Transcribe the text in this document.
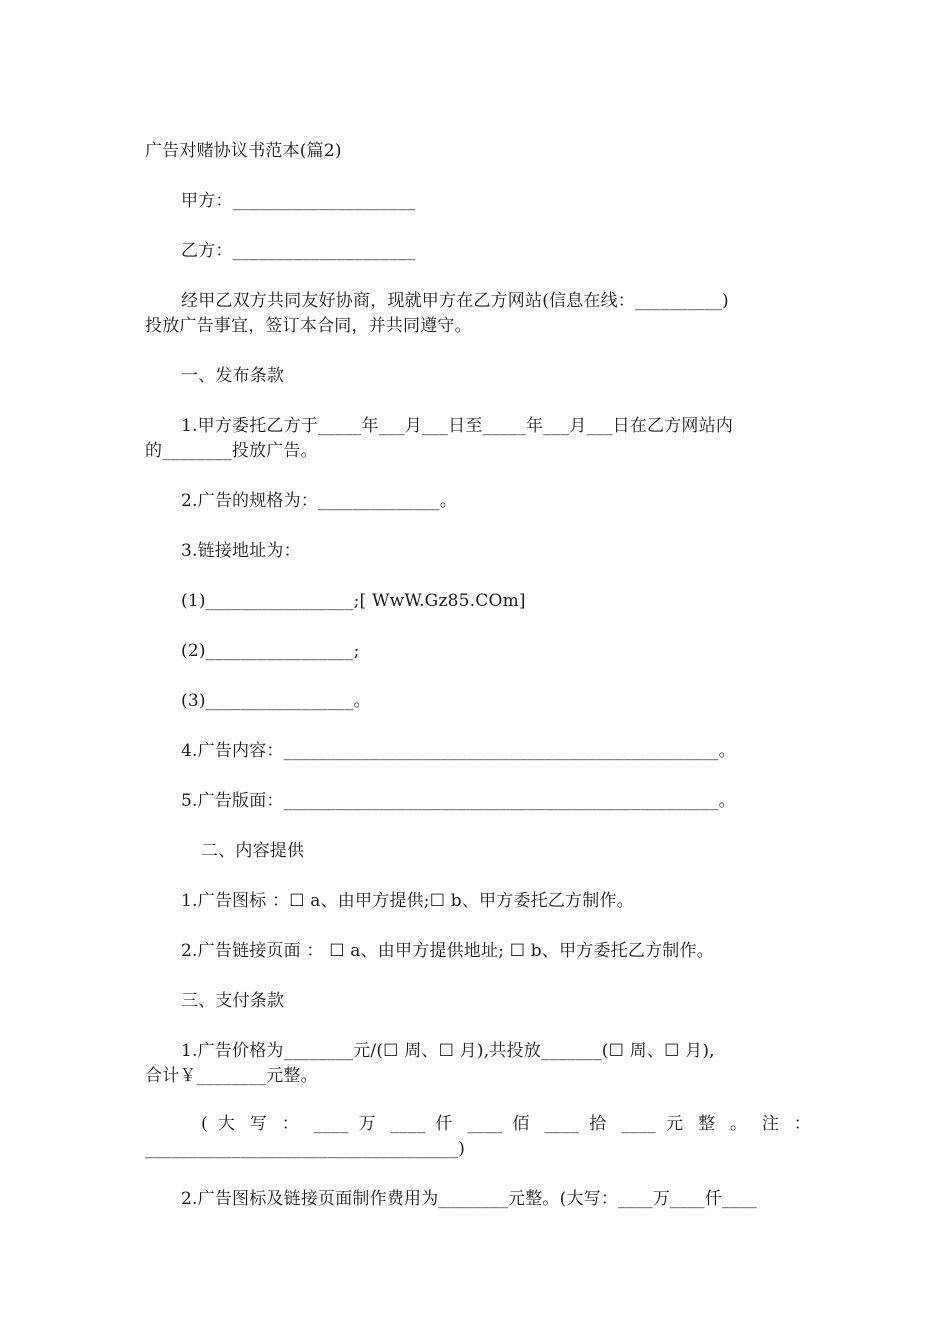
广告对赌协议书范本(篇2)
甲方：_____________________
乙方：_____________________
经甲乙双方共同友好协商，现就甲方在乙方网站(信息在线：__________)
投放广告事宜，签订本合同，并共同遵守。
一、发布条款
1.甲方委托乙方于_____年___月___日至_____年___月___日在乙方网站内
的________投放广告。
2.广告的规格为：______________。
3.链接地址为：
(1)_________________;[ WwW.Gz85.COm]
(2)_________________;
(3)_________________。
4.广告内容：__________________________________________________。
5.广告版面：__________________________________________________。
二、内容提供
1.广告图标 ：☐ a、由甲方提供;☐ b、甲方委托乙方制作。
2.广告链接页面 ： ☐ a、由甲方提供地址; ☐ b、甲方委托乙方制作。
三、支付条款
1.广告价格为________元/(☐ 周、☐ 月),共投放_______(☐ 周、☐ 月),
合计￥________元整。
( 大 写 ： ____ 万 ____ 仟 ____ 佰 ____ 拾 ____ 元 整 。 注 ：
____________________________________)
2.广告图标及链接页面制作费用为________元整。(大写：____万____仟____
